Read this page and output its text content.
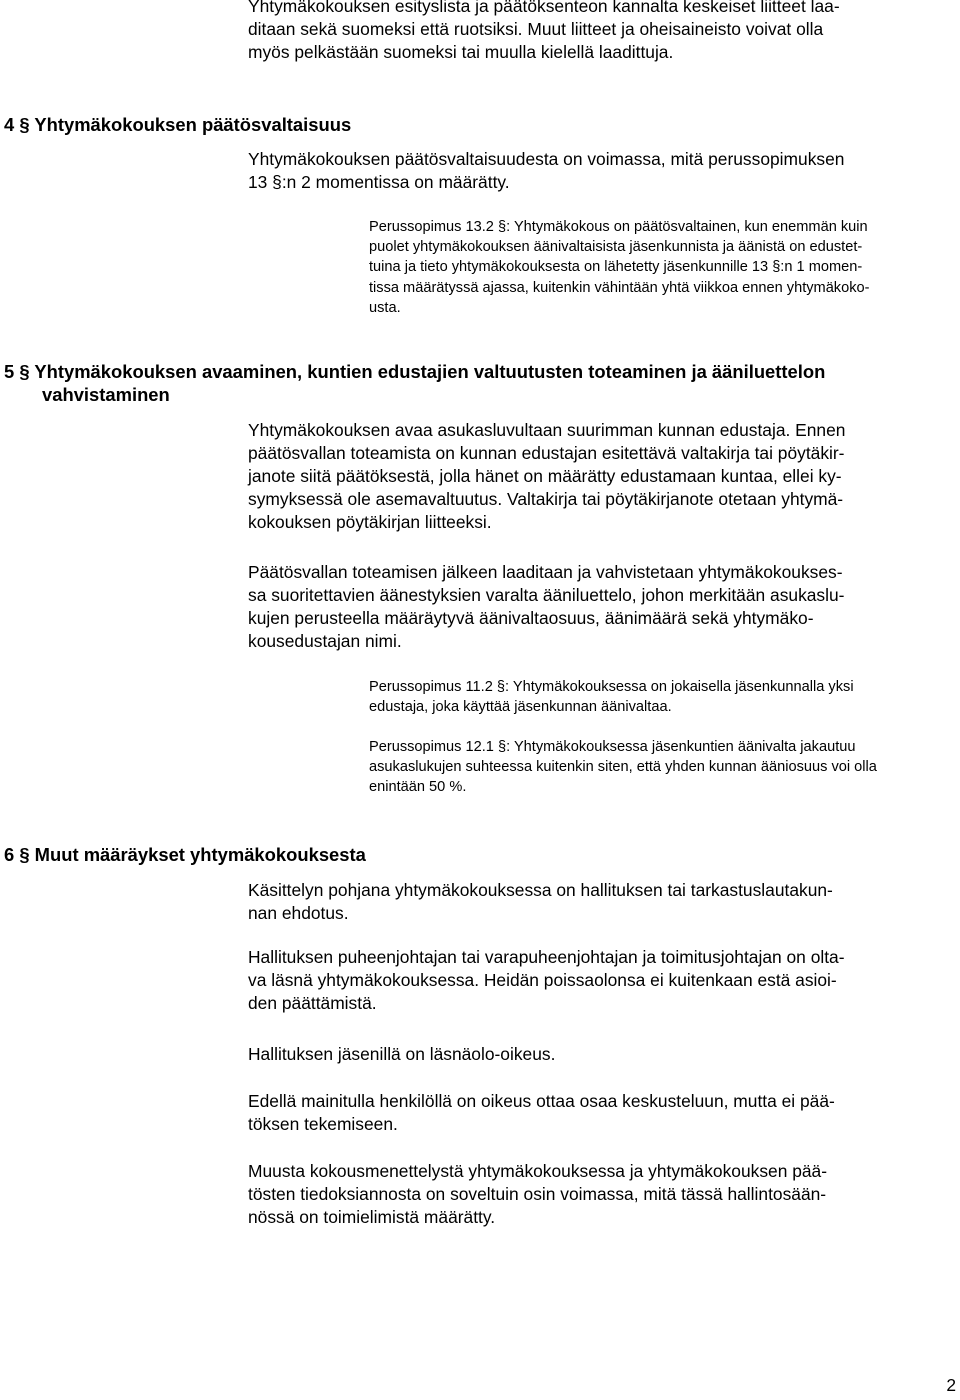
Yhtymäkokouksen esityslista ja päätöksenteon kannalta keskeiset liitteet laa-
ditaan sekä suomeksi että ruotsiksi. Muut liitteet ja oheisaineisto voivat olla
myös pelkästään suomeksi tai muulla kielellä laadittuja.

4 § Yhtymäkokouksen päätösvaltaisuus

Yhtymäkokouksen päätösvaltaisuudesta on voimassa, mitä perussopimuksen
13 §:n 2 momentissa on määrätty.

Perussopimus 13.2 §: Yhtymäkokous on päätösvaltainen, kun enemmän kuin
puolet yhtymäkokouksen äänivaltaisista jäsenkunnista ja äänistä on edustet-
tuina ja tieto yhtymäkokouksesta on lähetetty jäsenkunnille 13 §:n 1 momen-
tissa määrätyssä ajassa, kuitenkin vähintään yhtä viikkoa ennen yhtymäkoko-
usta.

5 § Yhtymäkokouksen avaaminen, kuntien edustajien valtuutusten toteaminen ja ääniluettelon
vahvistaminen

Yhtymäkokouksen avaa asukasluvultaan suurimman kunnan edustaja. Ennen
päätösvallan toteamista on kunnan edustajan esitettävä valtakirja tai pöytäkir-
janote siitä päätöksestä, jolla hänet on määrätty edustamaan kuntaa, ellei ky-
symyksessä ole asemavaltuutus. Valtakirja tai pöytäkirjanote otetaan yhtymä-
kokouksen pöytäkirjan liitteeksi.

Päätösvallan toteamisen jälkeen laaditaan ja vahvistetaan yhtymäkokoukses-
sa suoritettavien äänestyksien varalta ääniluettelo, johon merkitään asukaslu-
kujen perusteella määräytyvä äänivaltaosuus, äänimäärä sekä yhtymäko-
kousedustajan nimi.

Perussopimus 11.2 §: Yhtymäkokouksessa on jokaisella jäsenkunnalla yksi
edustaja, joka käyttää jäsenkunnan äänivaltaa.

Perussopimus 12.1 §: Yhtymäkokouksessa jäsenkuntien äänivalta jakautuu
asukaslukujen suhteessa kuitenkin siten, että yhden kunnan ääniosuus voi olla
enintään 50 %.

6 § Muut määräykset yhtymäkokouksesta

Käsittelyn pohjana yhtymäkokouksessa on hallituksen tai tarkastuslautakun-
nan ehdotus.

Hallituksen puheenjohtajan tai varapuheenjohtajan ja toimitusjohtajan on olta-
va läsnä yhtymäkokouksessa. Heidän poissaolonsa ei kuitenkaan estä asioi-
den päättämistä.

Hallituksen jäsenillä on läsnäolo-oikeus.

Edellä mainitulla henkilöllä on oikeus ottaa osaa keskusteluun, mutta ei pää-
töksen tekemiseen.

Muusta kokousmenettelystä yhtymäkokouksessa ja yhtymäkokouksen pää-
tösten tiedoksiannosta on soveltuin osin voimassa, mitä tässä hallintosään-
nössä on toimielimistä määrätty.

2
